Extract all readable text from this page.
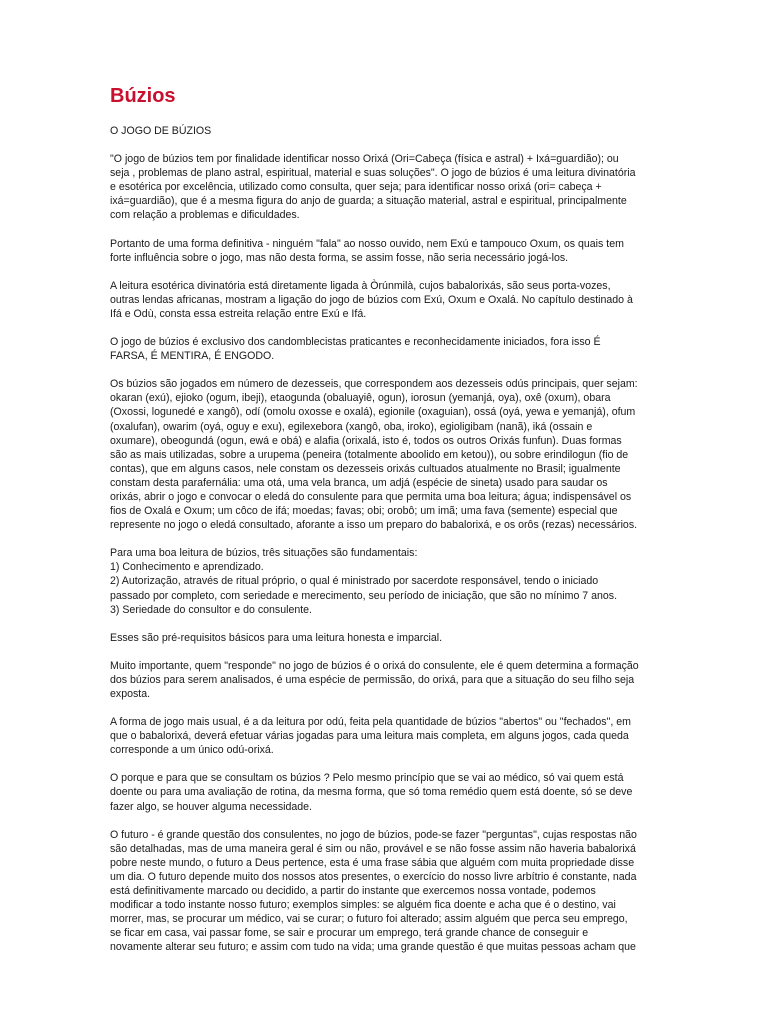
Búzios
O JOGO DE BÚZIOS
"O jogo de búzios tem por finalidade identificar nosso Orixá (Ori=Cabeça (física e astral) + Ixá=guardião); ou
seja , problemas de plano astral, espiritual, material e suas soluções". O jogo de búzios é uma leitura divinatória
e esotérica por excelência, utilizado como consulta, quer seja; para identificar nosso orixá (ori= cabeça +
ixá=guardião), que é a mesma figura do anjo de guarda; a situação material, astral e espiritual, principalmente
com relação a problemas e dificuldades.
Portanto de uma forma definitiva - ninguém "fala" ao nosso ouvido, nem Exú e tampouco Oxum, os quais tem
forte influência sobre o jogo, mas não desta forma, se assim fosse, não seria necessário jogá-los.
A leitura esotérica divinatória está diretamente ligada à Òrúnmilà, cujos babalorixás, são seus porta-vozes,
outras lendas africanas, mostram a ligação do jogo de búzios com Exú, Oxum e Oxalá. No capítulo destinado à
Ifá e Odù, consta essa estreita relação entre Exú e Ifá.
O jogo de búzios é exclusivo dos candomblecistas praticantes e reconhecidamente iniciados, fora isso É
FARSA, É MENTIRA, É ENGODO.
Os búzios são jogados em número de dezesseis, que correspondem aos dezesseis odús principais, quer sejam:
okaran (exú), ejioko (ogum, ibeji), etaogunda (obaluayiê, ogun), iorosun (yemanjá, oya), oxê (oxum), obara
(Oxossi, logunedé e xangô), odí (omolu oxosse e oxalá), egionile (oxaguian), ossá (oyá, yewa e yemanjá), ofum
(oxalufan), owarim (oyá, oguy e exu), egilexebora (xangô, oba, iroko), egioligibam (nanã), iká (ossain e
oxumare), obeogundá (ogun, ewá e obá) e alafia (orixalá, isto é, todos os outros Orixás funfun). Duas formas
são as mais utilizadas, sobre a urupema (peneira (totalmente aboolido em ketou)), ou sobre erindilogun (fio de
contas), que em alguns casos, nele constam os dezesseis orixás cultuados atualmente no Brasil; igualmente
constam desta parafernália: uma otá, uma vela branca, um adjá (espécie de sineta) usado para saudar os
orixás, abrir o jogo e convocar o eledá do consulente para que permita uma boa leitura; água; indispensável os
fios de Oxalá e Oxum; um côco de ifá; moedas; favas; obi; orobô; um imã; uma fava (semente) especial que
represente no jogo o eledá consultado, aforante a isso um preparo do babalorixá, e os orôs (rezas) necessários.
Para uma boa leitura de búzios, três situações são fundamentais:
1) Conhecimento e aprendizado.
2) Autorização, através de ritual próprio, o qual é ministrado por sacerdote responsável, tendo o iniciado
passado por completo, com seriedade e merecimento, seu período de iniciação, que são no mínimo 7 anos.
3) Seriedade do consultor e do consulente.
Esses são pré-requisitos básicos para uma leitura honesta e imparcial.
Muito importante, quem "responde" no jogo de búzios é o orixá do consulente, ele é quem determina a formação
dos búzios para serem analisados, é uma espécie de permissão, do orixá, para que a situação do seu filho seja
exposta.
A forma de jogo mais usual, é a da leitura por odú, feita pela quantidade de búzios "abertos" ou "fechados", em
que o babalorixá, deverá efetuar várias jogadas para uma leitura mais completa, em alguns jogos, cada queda
corresponde a um único odú-orixá.
O porque e para que se consultam os búzios ? Pelo mesmo princípio que se vai ao médico, só vai quem está
doente ou para uma avaliação de rotina, da mesma forma, que só toma remédio quem está doente, só se deve
fazer algo, se houver alguma necessidade.
O futuro - é grande questão dos consulentes, no jogo de búzios, pode-se fazer "perguntas", cujas respostas não
são detalhadas, mas de uma maneira geral é sim ou não, provável e se não fosse assim não haveria babalorixá
pobre neste mundo, o futuro a Deus pertence, esta é uma frase sábia que alguém com muita propriedade disse
um dia. O futuro depende muito dos nossos atos presentes, o exercício do nosso livre arbítrio é constante, nada
está definitivamente marcado ou decidido, a partir do instante que exercemos nossa vontade, podemos
modificar a todo instante nosso futuro; exemplos simples: se alguém fica doente e acha que é o destino, vai
morrer, mas, se procurar um médico, vai se curar; o futuro foi alterado; assim alguém que perca seu emprego,
se ficar em casa, vai passar fome, se sair e procurar um emprego, terá grande chance de conseguir e
novamente alterar seu futuro; e assim com tudo na vida; uma grande questão é que muitas pessoas acham que
